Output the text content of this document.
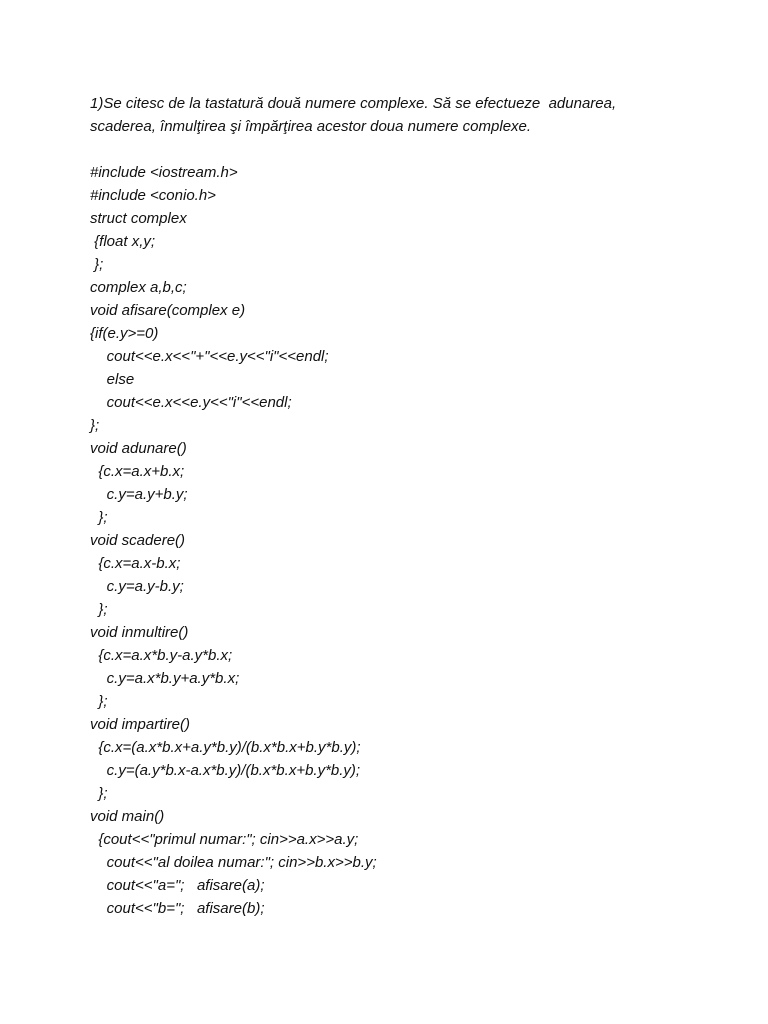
1)Se citesc de la tastatură două numere complexe. Să se efectueze  adunarea,

scaderea, înmulţirea şi împărţirea acestor doua numere complexe.

#include <iostream.h>
#include <conio.h>
struct complex
{float x,y;
};
complex a,b,c;
void afisare(complex e)
{if(e.y>=0)
cout<<e.x<<"+"<<e.y<<"i"<<endl;
else
cout<<e.x<<e.y<<"i"<<endl;
};
void adunare()
{c.x=a.x+b.x;
c.y=a.y+b.y;
};
void scadere()
{c.x=a.x-b.x;
c.y=a.y-b.y;
};
void inmultire()
{c.x=a.x*b.y-a.y*b.x;
c.y=a.x*b.y+a.y*b.x;
};
void impartire()
{c.x=(a.x*b.x+a.y*b.y)/(b.x*b.x+b.y*b.y);
c.y=(a.y*b.x-a.x*b.y)/(b.x*b.x+b.y*b.y);
};
void main()
{cout<<"primul numar:"; cin>>a.x>>a.y;
cout<<"al doilea numar:"; cin>>b.x>>b.y;
cout<<"a=";   afisare(a);
cout<<"b=";   afisare(b);
